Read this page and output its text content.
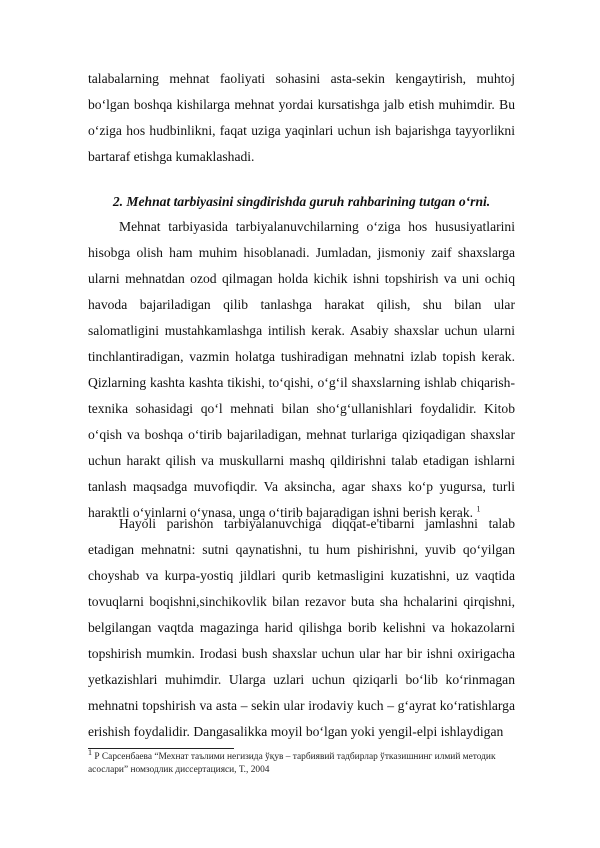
talabalarning mehnat faoliyati sohasini asta-sekin kengaytirish, muhtoj bo‘lgan boshqa kishilarga mehnat yordai kursatishga jalb etish muhimdir. Bu o‘ziga hos hudbinlikni, faqat uziga yaqinlari uchun ish bajarishga tayyorlikni bartaraf etishga kumaklashadi.

2. Mehnat tarbiyasini singdirishda guruh rahbarining tutgan o‘rni.

Mehnat tarbiyasida tarbiyalanuvchilarning o‘ziga hos hususiyatlarini hisobga olish ham muhim hisoblanadi. Jumladan, jismoniy zaif shaxslarga ularni mehnatdan ozod qilmagan holda kichik ishni topshirish va uni ochiq havoda bajariladigan qilib tanlashga harakat qilish, shu bilan ular salomatligini mustahkamlashga intilish kerak. Asabiy shaxslar uchun ularni tinchlantiradigan, vazmin holatga tushiradigan mehnatni izlab topish kerak. Qizlarning kashta kashta tikishi, to‘qishi, o‘g‘il shaxslarning ishlab chiqarish- texnika sohasidagi qo‘l mehnati bilan sho‘g‘ullanishlari foydalidir. Kitob o‘qish va boshqa o‘tirib bajariladigan, mehnat turlariga qiziqadigan shaxslar uchun harakt qilish va muskullarni mashq qildirishni talab etadigan ishlarni tanlash maqsadga muvofiqdir. Va aksincha, agar shaxs ko‘p yugursa, turli haraktli o‘yinlarni o‘ynasa, unga o‘tirib bajaradigan ishni berish kerak. $^1$

Hayoli parishon tarbiyalanuvchiga diqqat-e'tibarni jamlashni talab etadigan mehnatni: sutni qaynatishni, tu hum pishirishni, yuvib qo‘yilgan choyshab va kurpa-yostiq jildlari qurib ketmasligini kuzatishni, uz vaqtida tovuqlarni boqishni,sinchikovlik bilan rezavor buta sha hchalarini qirqishni, belgilangan vaqtda magazinga harid qilishga borib kelishni va hokazolarni topshirish mumkin. Irodasi bush shaxslar uchun ular har bir ishni oxirigacha yetkazishlari muhimdir. Ularga uzlari uchun qiziqarli bo‘lib ko‘rinmagan mehnatni topshirish va asta – sekin ular irodaviy kuch – g‘ayrat ko‘ratishlarga erishish foydalidir. Dangasalikka moyil bo‘lgan yoki yengil-elpi ishlaydigan

$^1$ Р Сарсенбаева “Мехнат таълими негизида ўқув – тарбиявий тадбирлар ўтказишнинг илмий методик асослари” номзодлик диссертацияси, Т., 2004
